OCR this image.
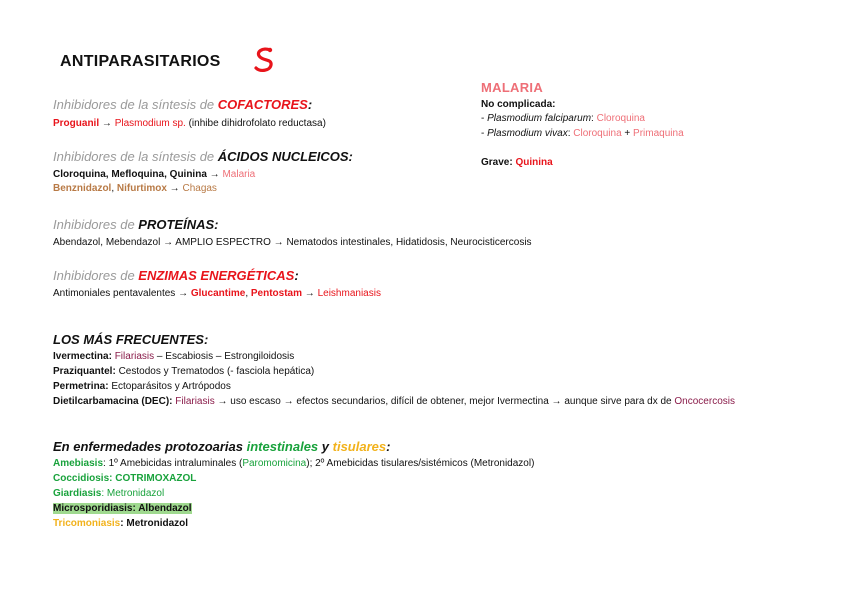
ANTIPARASITARIOS
Inhibidores de la síntesis de COFACTORES:
Proguanil → Plasmodium sp. (inhibe dihidrofolato reductasa)
Inhibidores de la síntesis de ÁCIDOS NUCLEICOS:
Cloroquina, Mefloquina, Quinina → Malaria
Benznidazol, Nifurtimox → Chagas
Inhibidores de PROTEÍNAS:
Abendazol, Mebendazol → AMPLIO ESPECTRO → Nematodos intestinales, Hidatidosis, Neurocisticercosis
Inhibidores de ENZIMAS ENERGÉTICAS:
Antimoniales pentavalentes → Glucantime, Pentostam → Leishmaniasis
LOS MÁS FRECUENTES:
Ivermectina: Filariasis – Escabiosis – Estrongiloidosis
Praziquantel: Cestodos y Trematodos (- fasciola hepática)
Permetrina: Ectoparásitos y Artrópodos
Dietilcarbamacina (DEC): Filariasis → uso escaso → efectos secundarios, difícil de obtener, mejor Ivermectina → aunque sirve para dx de Oncocercosis
En enfermedades protozoarias intestinales y tisulares:
Amebiasis: 1º Amebicidas intraluminales (Paromomicina); 2º Amebicidas tisulares/sistémicos (Metronidazol)
Coccidiosis: COTRIMOXAZOL
Giardiasis: Metronidazol
Microsporidiasis: Albendazol
Tricomoniasis: Metronidazol
MALARIA
No complicada:
- Plasmodium falciparum: Cloroquina
- Plasmodium vivax: Cloroquina + Primaquina
Grave: Quinina
